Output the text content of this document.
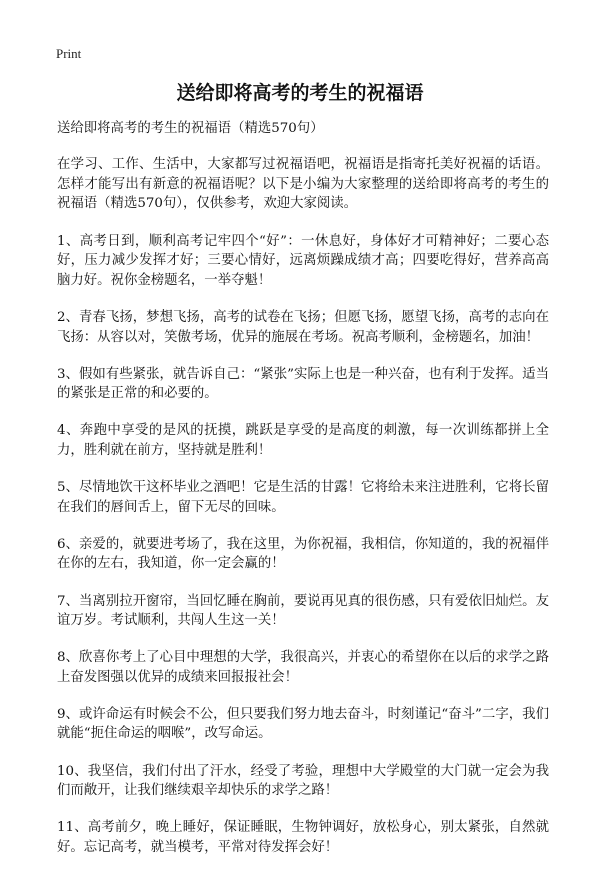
Print
送给即将高考的考生的祝福语

送给即将高考的考生的祝福语（精选570句）

在学习、工作、生活中，大家都写过祝福语吧，祝福语是指寄托美好祝福的话语。怎样才能写出有新意的祝福语呢？以下是小编为大家整理的送给即将高考的考生的祝福语（精选570句），仅供参考，欢迎大家阅读。

1、高考日到，顺利高考记牢四个“好”：一休息好，身体好才可精神好；二要心态好，压力减少发挥才好；三要心情好，远离烦躁成绩才高；四要吃得好，营养高高脑力好。祝你金榜题名，一举夺魁！

2、青春飞扬，梦想飞扬，高考的试卷在飞扬；但愿飞扬，愿望飞扬，高考的志向在飞扬：从容以对，笑傲考场，优异的施展在考场。祝高考顺利，金榜题名，加油！

3、假如有些紧张，就告诉自己：“紧张”实际上也是一种兴奋，也有利于发挥。适当的紧张是正常的和必要的。

4、奔跑中享受的是风的抚摸，跳跃是享受的是高度的刺激，每一次训练都拼上全力，胜利就在前方，坚持就是胜利！

5、尽情地饮干这杯毕业之酒吧！它是生活的甘露！它将给未来注进胜利，它将长留在我们的唇间舌上，留下无尽的回味。

6、亲爱的，就要进考场了，我在这里，为你祝福，我相信，你知道的，我的祝福伴在你的左右，我知道，你一定会赢的！

7、当离别拉开窗帘，当回忆睡在胸前，要说再见真的很伤感，只有爱依旧灿烂。友谊万岁。考试顺利，共闯人生这一关！

8、欣喜你考上了心目中理想的大学，我很高兴，并衷心的希望你在以后的求学之路上奋发图强以优异的成绩来回报报社会！

9、或许命运有时候会不公，但只要我们努力地去奋斗，时刻谨记“奋斗”二字，我们就能“扼住命运的咽喉”，改写命运。

10、我坚信，我们付出了汗水，经受了考验，理想中大学殿堂的大门就一定会为我们而敞开，让我们继续艰辛却快乐的求学之路！

11、高考前夕，晚上睡好，保证睡眠，生物钟调好，放松身心，别太紧张，自然就好。忘记高考，就当模考，平常对待发挥会好！
